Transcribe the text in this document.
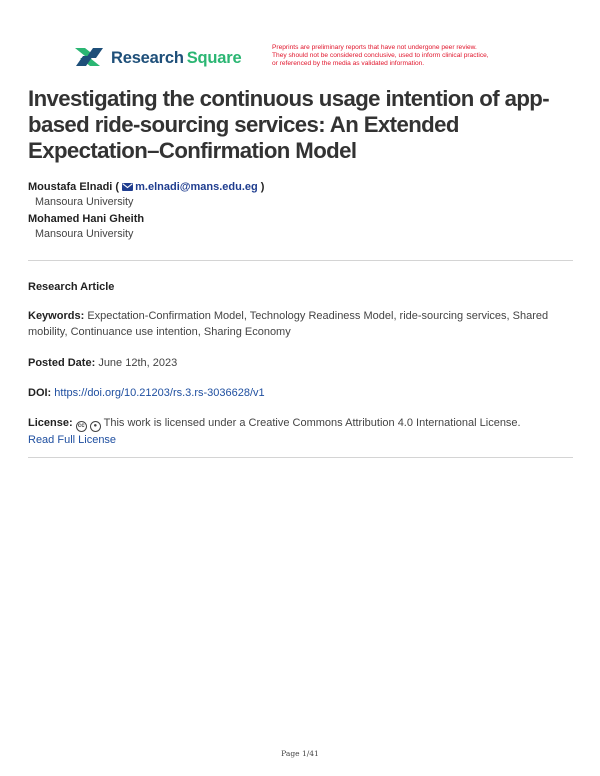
Research Square
Preprints are preliminary reports that have not undergone peer review.
They should not be considered conclusive, used to inform clinical practice,
or referenced by the media as validated information.
Investigating the continuous usage intention of app-based ride-sourcing services: An Extended Expectation–Confirmation Model
Moustafa Elnadi ( m.elnadi@mans.edu.eg )
Mansoura University
Mohamed Hani Gheith
Mansoura University
Research Article
Keywords: Expectation-Confirmation Model, Technology Readiness Model, ride-sourcing services, Shared mobility, Continuance use intention, Sharing Economy
Posted Date: June 12th, 2023
DOI: https://doi.org/10.21203/rs.3.rs-3036628/v1
License: cc ● This work is licensed under a Creative Commons Attribution 4.0 International License.
Read Full License
Page 1/41
